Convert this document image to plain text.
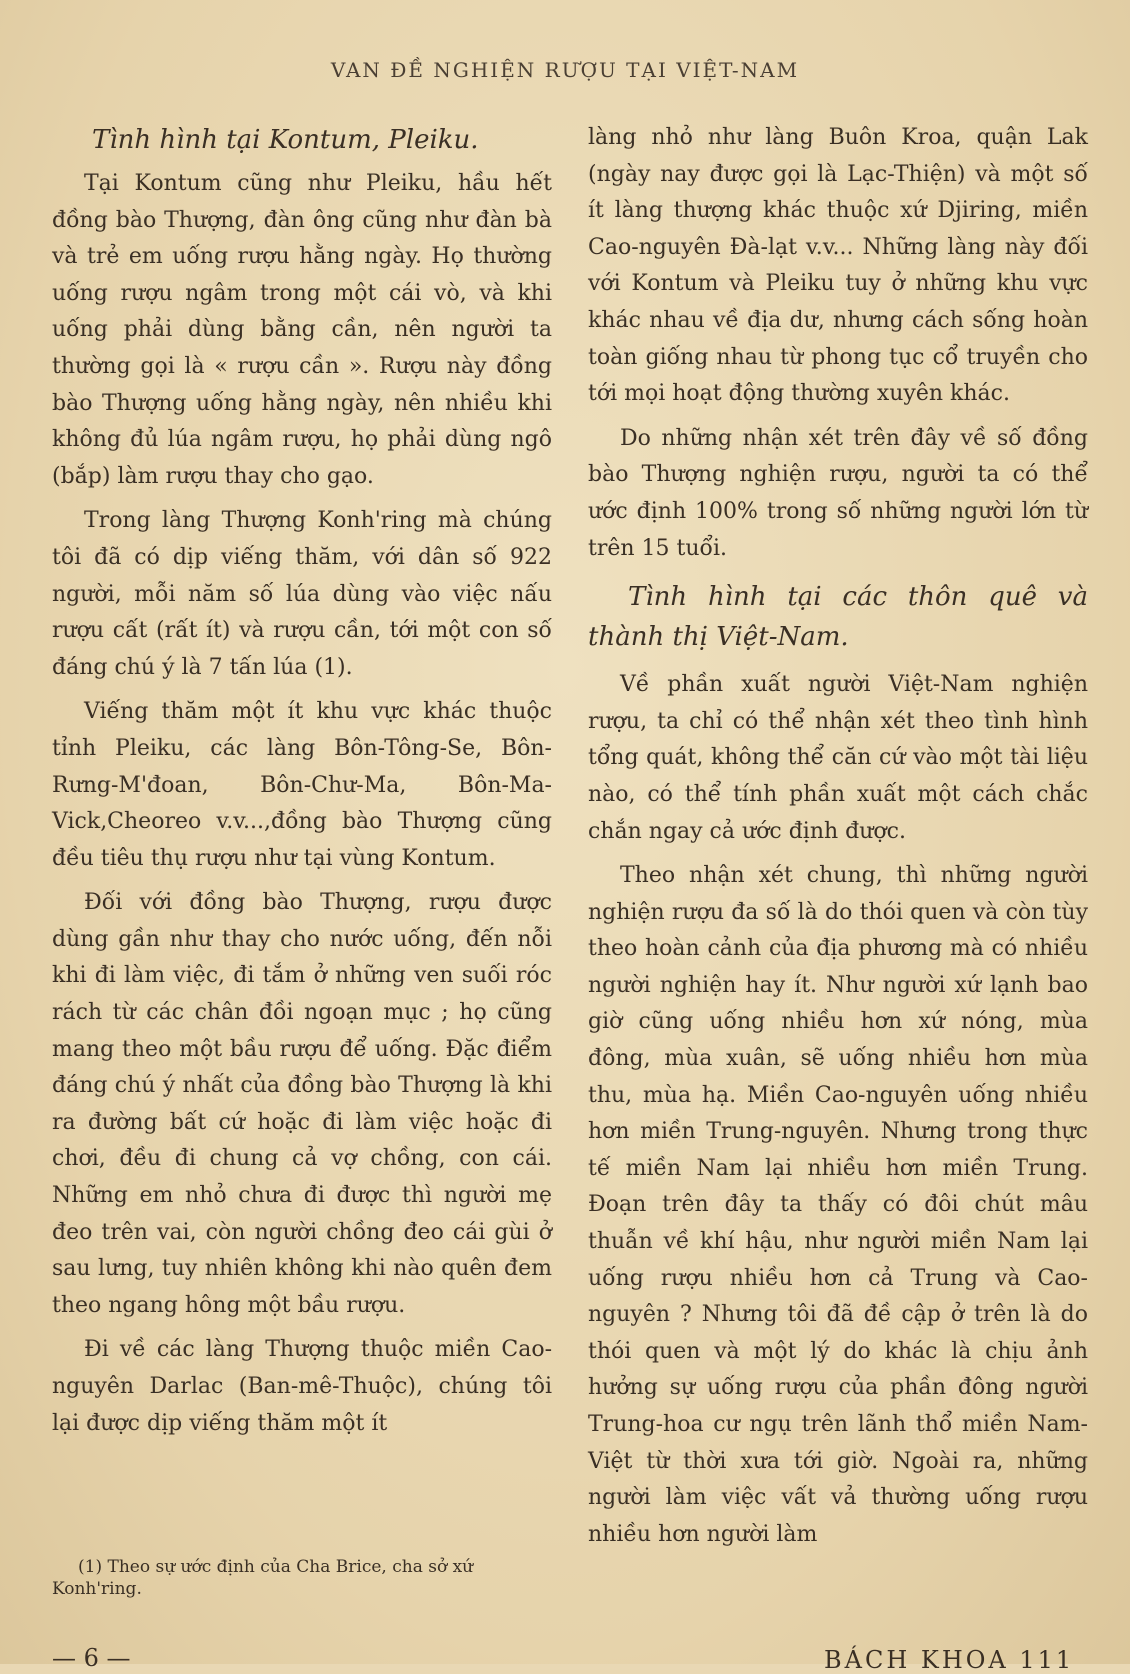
VAN ĐỀ NGHIỆN RƯỢU TẠI VIỆT-NAM
Tình hình tại Kontum, Pleiku.

Tại Kontum cũng như Pleiku, hầu hết đồng bào Thượng, đàn ông cũng như đàn bà và trẻ em uống rượu hằng ngày. Họ thường uống rượu ngâm trong một cái vò, và khi uống phải dùng bằng cần, nên người ta thường gọi là « rượu cần ». Rượu này đồng bào Thượng uống hằng ngày, nên nhiều khi không đủ lúa ngâm rượu, họ phải dùng ngô (bắp) làm rượu thay cho gạo.

Trong làng Thượng Konh'ring mà chúng tôi đã có dịp viếng thăm, với dân số 922 người, mỗi năm số lúa dùng vào việc nấu rượu cất (rất ít) và rượu cần, tới một con số đáng chú ý là 7 tấn lúa (1).

Viếng thăm một ít khu vực khác thuộc tỉnh Pleiku, các làng Bôn-Tông-Se, Bôn-Rưng-M'đoan, Bôn-Chư-Ma, Bôn-Ma-Vick,Cheoreo v.v...,đồng bào Thượng cũng đều tiêu thụ rượu như tại vùng Kontum.

Đối với đồng bào Thượng, rượu được dùng gần như thay cho nước uống, đến nỗi khi đi làm việc, đi tắm ở những ven suối róc rách từ các chân đồi ngoạn mục ; họ cũng mang theo một bầu rượu để uống. Đặc điểm đáng chú ý nhất của đồng bào Thượng là khi ra đường bất cứ hoặc đi làm việc hoặc đi chơi, đều đi chung cả vợ chồng, con cái. Những em nhỏ chưa đi được thì người mẹ đeo trên vai, còn người chồng đeo cái gùi ở sau lưng, tuy nhiên không khi nào quên đem theo ngang hông một bầu rượu.

Đi về các làng Thượng thuộc miền Cao-nguyên Darlac (Ban-mê-Thuộc), chúng tôi lại được dịp viếng thăm một ít

(1) Theo sự ước định của Cha Brice, cha sở xứ Konh'ring.

làng nhỏ như làng Buôn Kroa, quận Lak (ngày nay được gọi là Lạc-Thiện) và một số ít làng thượng khác thuộc xứ Djiring, miền Cao-nguyên Đà-lạt v.v... Những làng này đối với Kontum và Pleiku tuy ở những khu vực khác nhau về địa dư, nhưng cách sống hoàn toàn giống nhau từ phong tục cổ truyền cho tới mọi hoạt động thường xuyên khác.

Do những nhận xét trên đây về số đồng bào Thượng nghiện rượu, người ta có thể ước định 100% trong số những người lớn từ trên 15 tuổi.

Tình hình tại các thôn quê và thành thị Việt-Nam.

Về phần xuất người Việt-Nam nghiện rượu, ta chỉ có thể nhận xét theo tình hình tổng quát, không thể căn cứ vào một tài liệu nào, có thể tính phần xuất một cách chắc chắn ngay cả ước định được.

Theo nhận xét chung, thì những người nghiện rượu đa số là do thói quen và còn tùy theo hoàn cảnh của địa phương mà có nhiều người nghiện hay ít. Như người xứ lạnh bao giờ cũng uống nhiều hơn xứ nóng, mùa đông, mùa xuân, sẽ uống nhiều hơn mùa thu, mùa hạ. Miền Cao-nguyên uống nhiều hơn miền Trung-nguyên. Nhưng trong thực tế miền Nam lại nhiều hơn miền Trung. Đoạn trên đây ta thấy có đôi chút mâu thuẫn về khí hậu, như người miền Nam lại uống rượu nhiều hơn cả Trung và Cao-nguyên ? Nhưng tôi đã đề cập ở trên là do thói quen và một lý do khác là chịu ảnh hưởng sự uống rượu của phần đông người Trung-hoa cư ngụ trên lãnh thổ miền Nam-Việt từ thời xưa tới giờ. Ngoài ra, những người làm việc vất vả thường uống rượu nhiều hơn người làm

— 6 —	BÁCH KHOA 111
